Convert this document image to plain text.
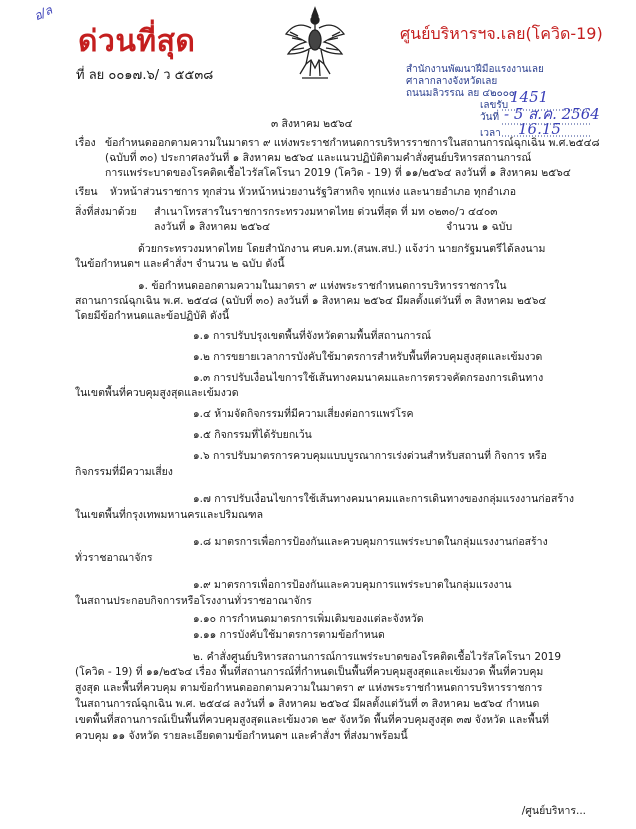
อ/ล
ด่วนที่สุด	ศูนย์บริหารฯจ.เลย(โควิด-19)
ที่ ลย ๐๐๑๗.๖/ ว ๕๕๓๘	สำนักงานพัฒนาฝีมือแรงงานเลย
ศาลากลางจังหวัดเลย
ถนนมลิวรรณ ลย ๔๒๐๐๐
เลขรับ 1451
วันที่ - 5 ส.ค. 2564
เวลา 16.15
๓ สิงหาคม ๒๕๖๔
เรื่อง ข้อกำหนดออกตามความในมาตรา ๙ แห่งพระราชกำหนดการบริหารราชการในสถานการณ์ฉุกเฉิน พ.ศ.๒๕๔๘
(ฉบับที่ ๓๐) ประกาศลงวันที่ ๑ สิงหาคม ๒๕๖๔ และแนวปฏิบัติตามคำสั่งศูนย์บริหารสถานการณ์
การแพร่ระบาดของโรคติดเชื้อไวรัสโคโรนา 2019 (โควิด - 19) ที่ ๑๑/๒๕๖๔ ลงวันที่ ๑ สิงหาคม ๒๕๖๔
เรียน หัวหน้าส่วนราชการ ทุกส่วน หัวหน้าหน่วยงานรัฐวิสาหกิจ ทุกแห่ง และนายอำเภอ ทุกอำเภอ
สิ่งที่ส่งมาด้วย สำเนาโทรสารในราชการกระทรวงมหาดไทย ด่วนที่สุด ที่ มท ๐๒๓๐/ว ๔๔๐๓
ลงวันที่ ๑ สิงหาคม ๒๕๖๔	จำนวน ๑ ฉบับ
ด้วยกระทรวงมหาดไทย โดยสำนักงาน ศบค.มท.(สนพ.สป.) แจ้งว่า นายกรัฐมนตรีได้ลงนาม
ในข้อกำหนดฯ และคำสั่งฯ จำนวน ๒ ฉบับ ดังนี้
๑. ข้อกำหนดออกตามความในมาตรา ๙ แห่งพระราชกำหนดการบริหารราชการใน
สถานการณ์ฉุกเฉิน พ.ศ. ๒๕๔๘ (ฉบับที่ ๓๐) ลงวันที่ ๑ สิงหาคม ๒๕๖๔ มีผลตั้งแต่วันที่ ๓ สิงหาคม ๒๕๖๔
โดยมีข้อกำหนดและข้อปฏิบัติ ดังนี้
๑.๑ การปรับปรุงเขตพื้นที่จังหวัดตามพื้นที่สถานการณ์
๑.๒ การขยายเวลาการบังคับใช้มาตรการสำหรับพื้นที่ควบคุมสูงสุดและเข้มงวด
๑.๓ การปรับเงื่อนไขการใช้เส้นทางคมนาคมและการตรวจคัดกรองการเดินทาง
ในเขตพื้นที่ควบคุมสูงสุดและเข้มงวด
๑.๔ ห้ามจัดกิจกรรมที่มีความเสี่ยงต่อการแพร่โรค
๑.๕ กิจกรรมที่ได้รับยกเว้น
๑.๖ การปรับมาตรการควบคุมแบบบูรณาการเร่งด่วนสำหรับสถานที่ กิจการ หรือ
กิจกรรมที่มีความเสี่ยง
๑.๗ การปรับเงื่อนไขการใช้เส้นทางคมนาคมและการเดินทางของกลุ่มแรงงานก่อสร้าง
ในเขตพื้นที่กรุงเทพมหานครและปริมณฑล
๑.๘ มาตรการเพื่อการป้องกันและควบคุมการแพร่ระบาดในกลุ่มแรงงานก่อสร้าง
ทั่วราชอาณาจักร
๑.๙ มาตรการเพื่อการป้องกันและควบคุมการแพร่ระบาดในกลุ่มแรงงาน
ในสถานประกอบกิจการหรือโรงงานทั่วราชอาณาจักร
๑.๑๐ การกำหนดมาตรการเพิ่มเติมของแต่ละจังหวัด
๑.๑๑ การบังคับใช้มาตรการตามข้อกำหนด
๒. คำสั่งศูนย์บริหารสถานการณ์การแพร่ระบาดของโรคติดเชื้อไวรัสโคโรนา 2019
(โควิด - 19) ที่ ๑๑/๒๕๖๔ เรื่อง พื้นที่สถานการณ์ที่กำหนดเป็นพื้นที่ควบคุมสูงสุดและเข้มงวด พื้นที่ควบคุม
สูงสุด และพื้นที่ควบคุม ตามข้อกำหนดออกตามความในมาตรา ๙ แห่งพระราชกำหนดการบริหารราชการ
ในสถานการณ์ฉุกเฉิน พ.ศ. ๒๕๔๘ ลงวันที่ ๑ สิงหาคม ๒๕๖๔ มีผลตั้งแต่วันที่ ๓ สิงหาคม ๒๕๖๔ กำหนด
เขตพื้นที่สถานการณ์เป็นพื้นที่ควบคุมสูงสุดและเข้มงวด ๒๙ จังหวัด พื้นที่ควบคุมสูงสุด ๓๗ จังหวัด และพื้นที่
ควบคุม ๑๑ จังหวัด รายละเอียดตามข้อกำหนดฯ และคำสั่งฯ ที่ส่งมาพร้อมนี้
/ศูนย์บริหาร...
